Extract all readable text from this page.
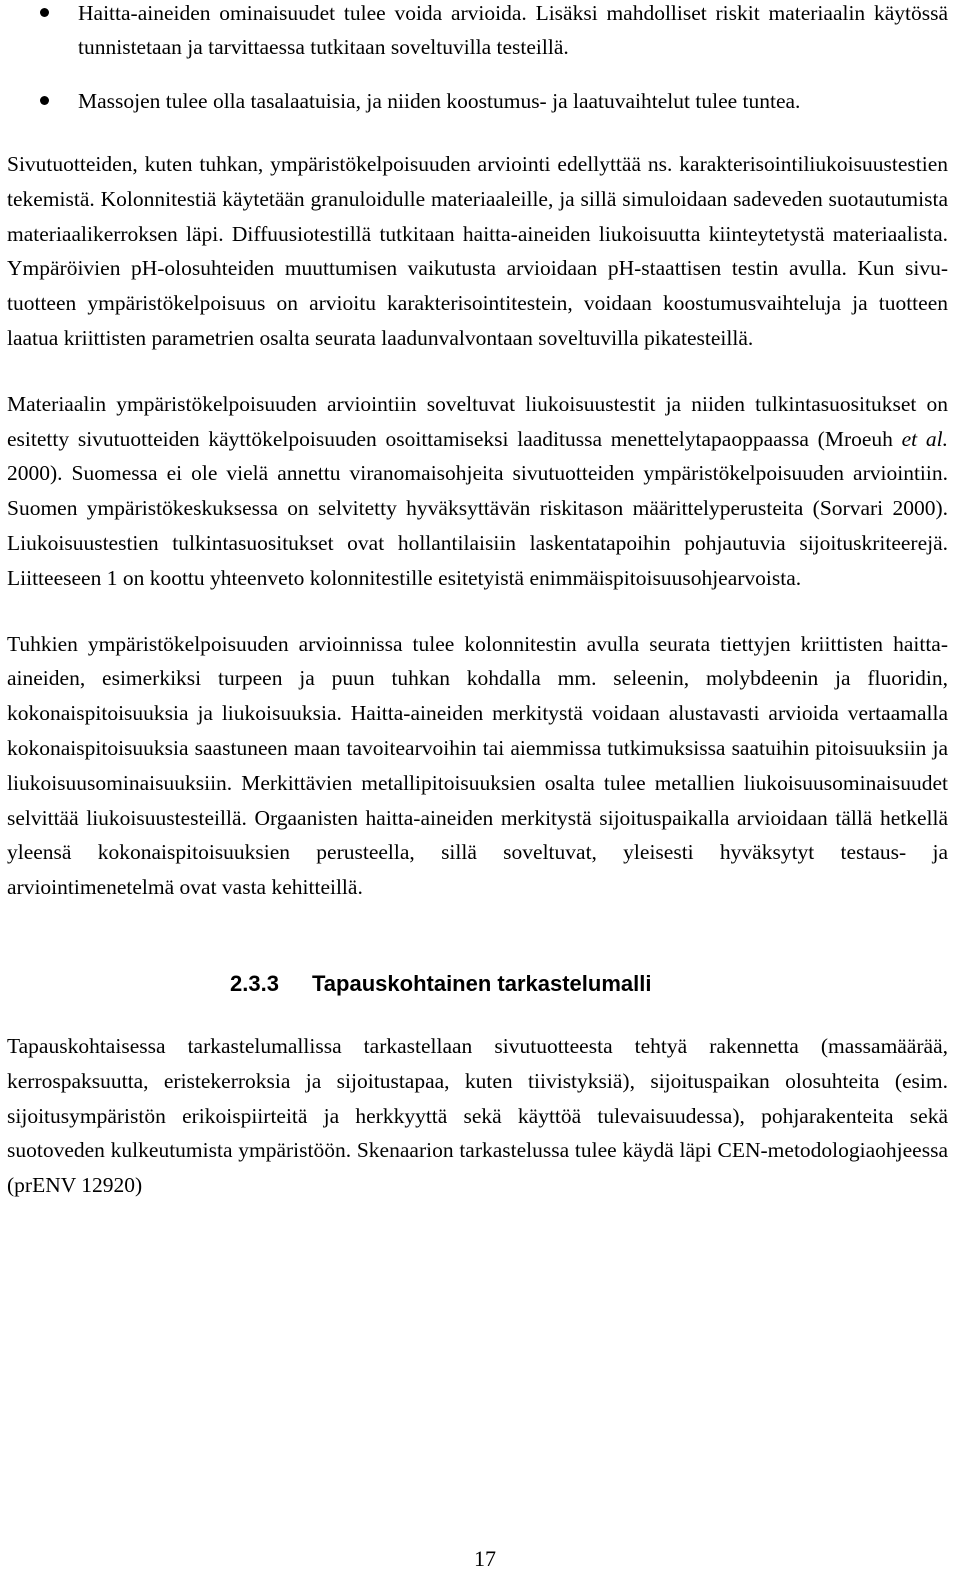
Haitta-aineiden ominaisuudet tulee voida arvioida. Lisäksi mahdolliset riskit materiaalin käytössä tunnistetaan ja tarvittaessa tutkitaan soveltuvilla testeillä.
Massojen tulee olla tasalaatuisia, ja niiden koostumus- ja laatuvaihtelut tulee tuntea.

Sivutuotteiden, kuten tuhkan, ympäristökelpoisuuden arviointi edellyttää ns. karakterisointiliukoisuustestien tekemistä. Kolonnitestiä käytetään granuloidulle materiaaleille, ja sillä simuloidaan sadeveden suotautumista materiaalikerroksen läpi. Diffuusiotestillä tutkitaan haitta-aineiden liukoisuutta kiinteytetystä materiaalista. Ympäröivien pH-olosuhteiden muuttumisen vaikutusta arvioidaan pH-staattisen testin avulla. Kun sivutuotteen ympäristökelpoisuus on arvioitu karakterisointitestein, voidaan koostumusvaihteluja ja tuotteen laatua kriittisten parametrien osalta seurata laadunvalvontaan soveltuvilla pikatesteillä.

Materiaalin ympäristökelpoisuuden arviointiin soveltuvat liukoisuustestit ja niiden tulkintasuositukset on esitetty sivutuotteiden käyttökelpoisuuden osoittamiseksi laaditussa menettelytapaoppaassa (Mroeuh et al. 2000). Suomessa ei ole vielä annettu viranomaisohjeita sivutuotteiden ympäristökelpoisuuden arviointiin. Suomen ympäristökeskuksessa on selvitetty hyväksyttävän riskitason määrittelyperusteita (Sorvari 2000). Liukoisuustestien tulkintasuositukset ovat hollantilaisiin laskentatapoihin pohjautuvia sijoituskriteerejä. Liitteeseen 1 on koottu yhteenveto kolonnitestille esitetyistä enimmäispitoisuusohjearvoista.

Tuhkien ympäristökelpoisuuden arvioinnissa tulee kolonnitestin avulla seurata tiettyjen kriittisten haitta-aineiden, esimerkiksi turpeen ja puun tuhkan kohdalla mm. seleenin, molybdeenin ja fluoridin, kokonaispitoisuuksia ja liukoisuuksia. Haitta-aineiden merkitystä voidaan alustavasti arvioida vertaamalla kokonaispitoisuuksia saastuneen maan tavoitearvoihin tai aiemmissa tutkimuksissa saatuihin pitoisuuksiin ja liukoisuusominaisuuksiin. Merkittävien metallipitoisuuksien osalta tulee metallien liukoisuusominaisuudet selvittää liukoisuustesteillä. Orgaanisten haitta-aineiden merkitystä sijoituspaikalla arvioidaan tällä hetkellä yleensä kokonaispitoisuuksien perusteella, sillä soveltuvat, yleisesti hyväksytyt testaus- ja arviointimenetelmä ovat vasta kehitteillä.

2.3.3 Tapauskohtainen tarkastelumalli

Tapauskohtaisessa tarkastelumallissa tarkastellaan sivutuotteesta tehtyä rakennetta (massamäärää, kerrospaksuutta, eristekerroksia ja sijoitustapaa, kuten tiivistyksiä), sijoituspaikan olosuhteita (esim. sijoitusympäristön erikoispiirteitä ja herkkyyttä sekä käyttöä tulevaisuudessa), pohjarakenteita sekä suotoveden kulkeutumista ympäristöön. Skenaarion tarkastelussa tulee käydä läpi CEN-metodologiaohjeessa (prENV 12920)

17
